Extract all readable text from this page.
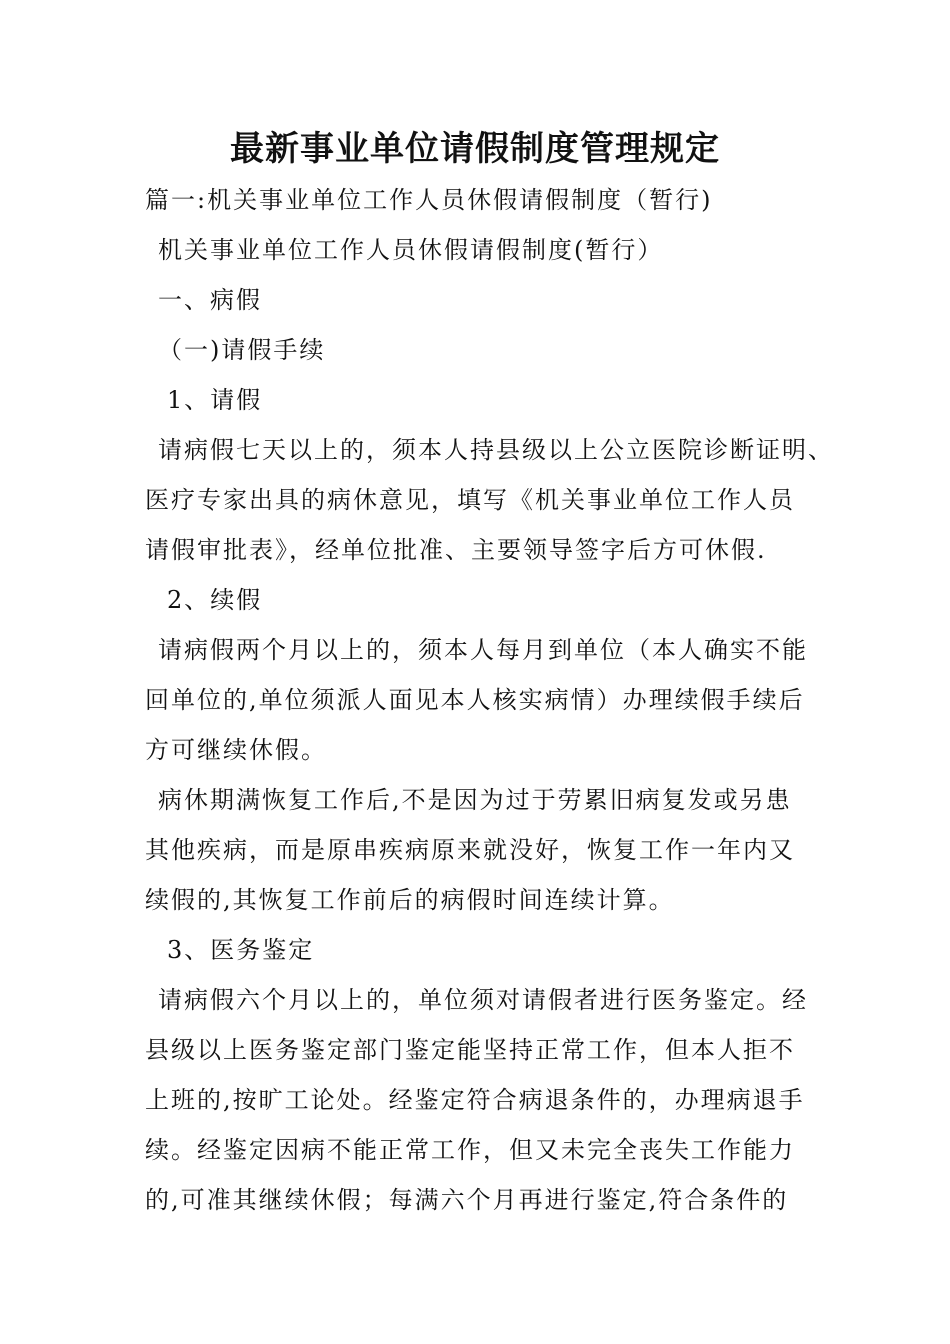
最新事业单位请假制度管理规定
篇一:机关事业单位工作人员休假请假制度（暂行)
机关事业单位工作人员休假请假制度(暂行）
一、病假
（一)请假手续
1、请假
请病假七天以上的，须本人持县级以上公立医院诊断证明、
医疗专家出具的病休意见，填写《机关事业单位工作人员
请假审批表》，经单位批准、主要领导签字后方可休假.
2、续假
请病假两个月以上的，须本人每月到单位（本人确实不能
回单位的,单位须派人面见本人核实病情）办理续假手续后
方可继续休假。
病休期满恢复工作后,不是因为过于劳累旧病复发或另患
其他疾病，而是原串疾病原来就没好，恢复工作一年内又
续假的,其恢复工作前后的病假时间连续计算。
3、医务鉴定
请病假六个月以上的，单位须对请假者进行医务鉴定。经
县级以上医务鉴定部门鉴定能坚持正常工作，但本人拒不
上班的,按旷工论处。经鉴定符合病退条件的，办理病退手
续。经鉴定因病不能正常工作，但又未完全丧失工作能力
的,可准其继续休假；每满六个月再进行鉴定,符合条件的
